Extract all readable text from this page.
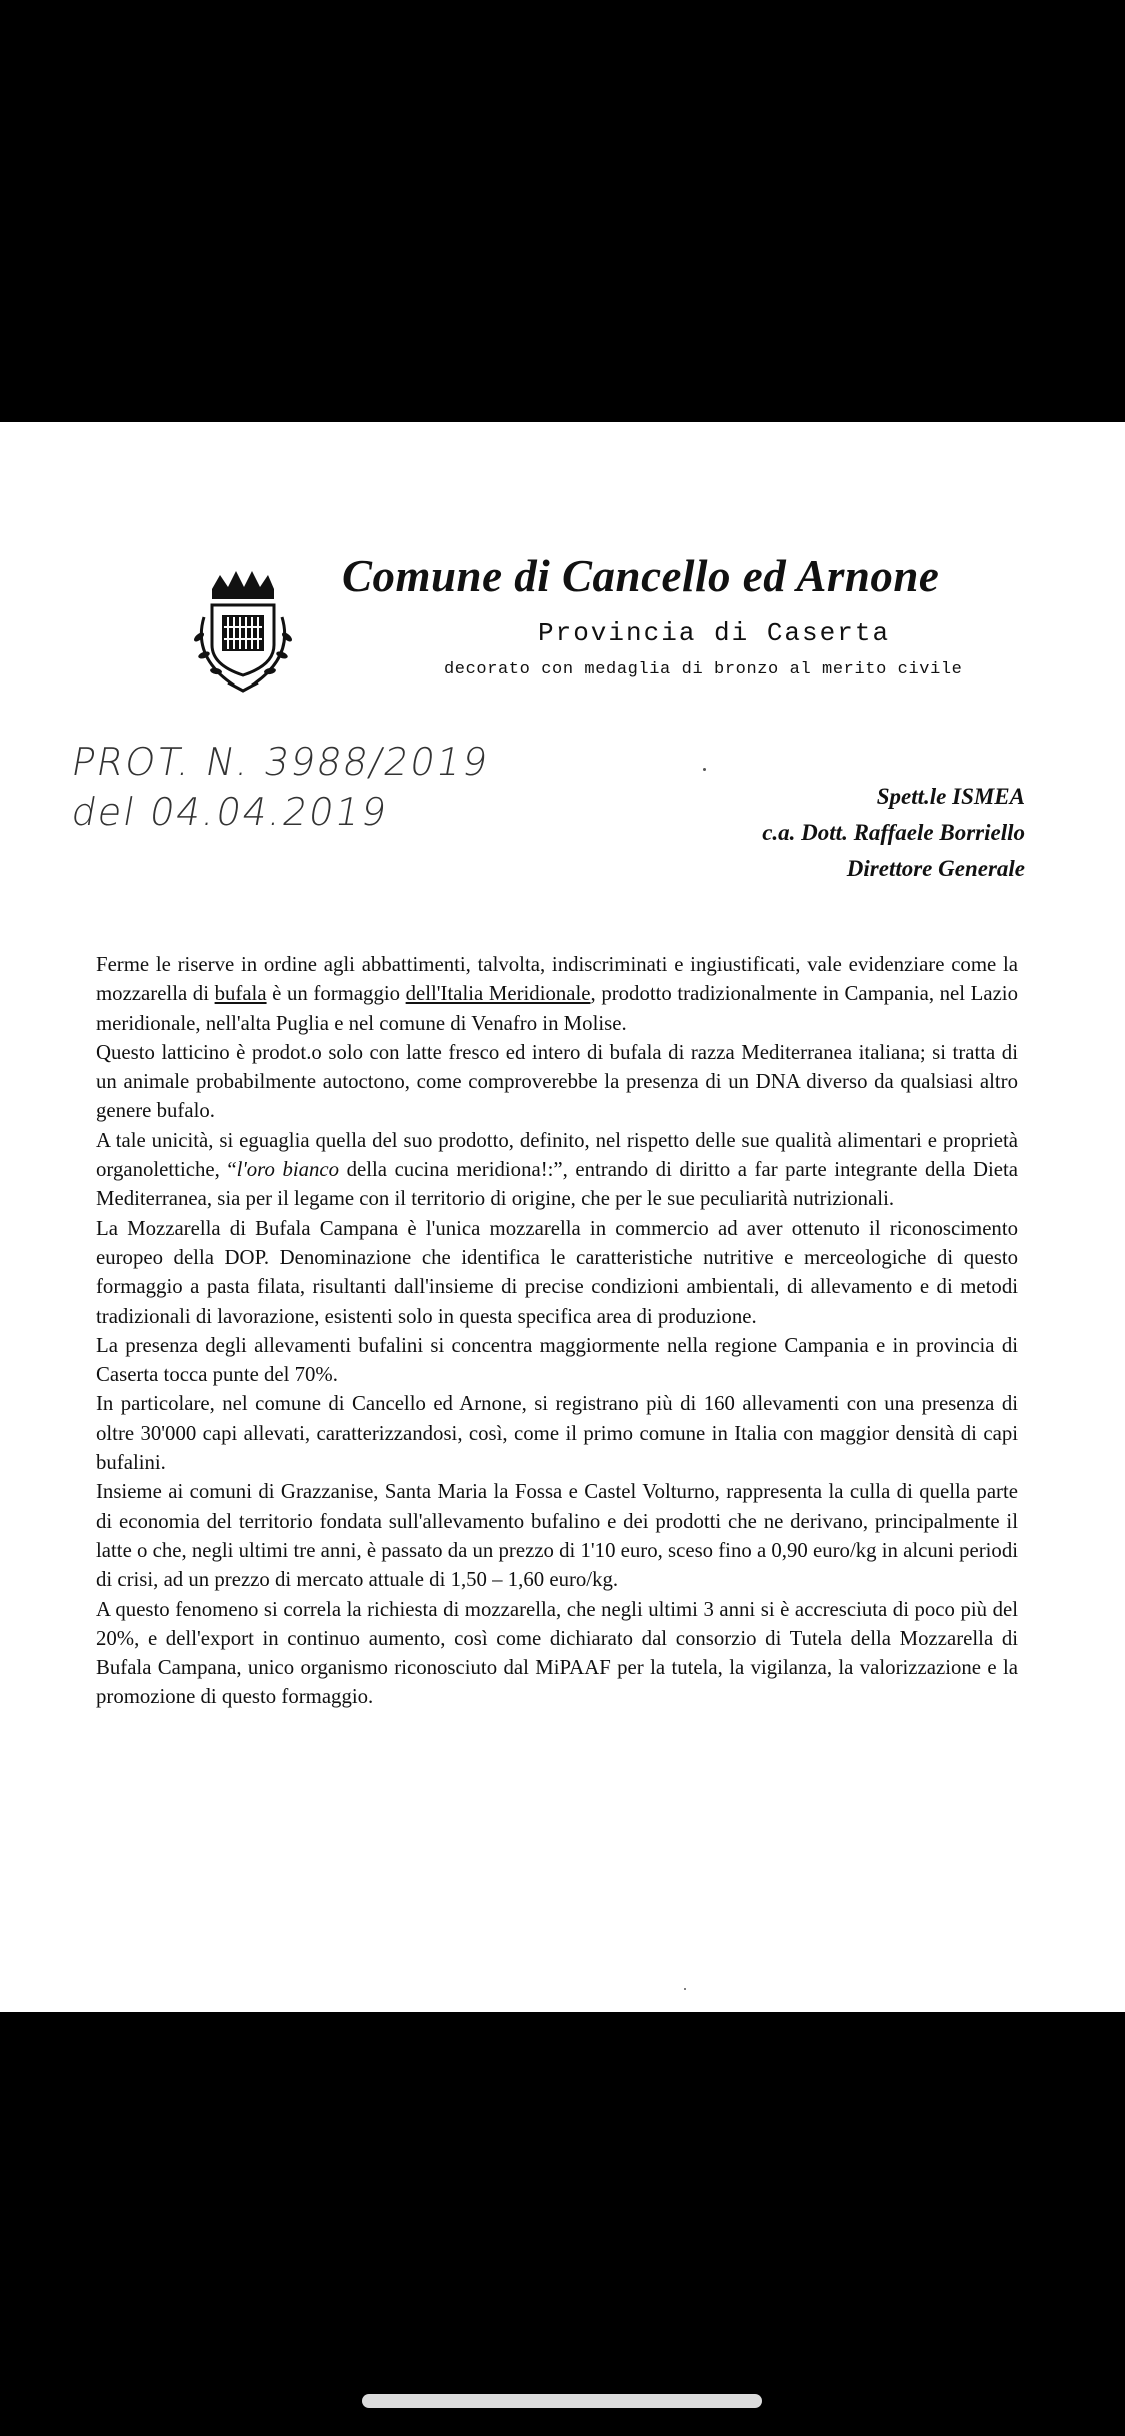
Comune di Cancello ed Arnone
Provincia di Caserta
decorato con medaglia di bronzo al merito civile
PROT. N. 3988/2019
del 04.04.2019	Spett.le ISMEA
c.a. Dott. Raffaele Borriello
Direttore Generale

Ferme le riserve in ordine agli abbattimenti, talvolta, indiscriminati e ingiustificati, vale evidenziare come la mozzarella di bufala è un formaggio dell'Italia Meridionale, prodotto tradizionalmente in Campania, nel Lazio meridionale, nell'alta Puglia e nel comune di Venafro in Molise.

Questo latticino è prodot.o solo con latte fresco ed intero di bufala di razza Mediterranea italiana; si tratta di un animale probabilmente autoctono, come comproverebbe la presenza di un DNA diverso da qualsiasi altro genere bufalo.

A tale unicità, si eguaglia quella del suo prodotto, definito, nel rispetto delle sue qualità alimentari e proprietà organolettiche, “l'oro bianco della cucina meridiona!:”, entrando di diritto a far parte integrante della Dieta Mediterranea, sia per il legame con il territorio di origine, che per le sue peculiarità nutrizionali.

La Mozzarella di Bufala Campana è l'unica mozzarella in commercio ad aver ottenuto il riconoscimento europeo della DOP. Denominazione che identifica le caratteristiche nutritive e merceologiche di questo formaggio a pasta filata, risultanti dall'insieme di precise condizioni ambientali, di allevamento e di metodi tradizionali di lavorazione, esistenti solo in questa specifica area di produzione.

La presenza degli allevamenti bufalini si concentra maggiormente nella regione Campania e in provincia di Caserta tocca punte del 70%.

In particolare, nel comune di Cancello ed Arnone, si registrano più di 160 allevamenti con una presenza di oltre 30'000 capi allevati, caratterizzandosi, così, come il primo comune in Italia con maggior densità di capi bufalini.

Insieme ai comuni di Grazzanise, Santa Maria la Fossa e Castel Volturno, rappresenta la culla di quella parte di economia del territorio fondata sull'allevamento bufalino e dei prodotti che ne derivano, principalmente il latte o che, negli ultimi tre anni, è passato da un prezzo di 1'10 euro, sceso fino a 0,90 euro/kg in alcuni periodi di crisi, ad un prezzo di mercato attuale di 1,50 – 1,60 euro/kg.

A questo fenomeno si correla la richiesta di mozzarella, che negli ultimi 3 anni si è accresciuta di poco più del 20%, e dell'export in continuo aumento, così come dichiarato dal consorzio di Tutela della Mozzarella di Bufala Campana, unico organismo riconosciuto dal MiPAAF per la tutela, la vigilanza, la valorizzazione e la promozione di questo formaggio.
